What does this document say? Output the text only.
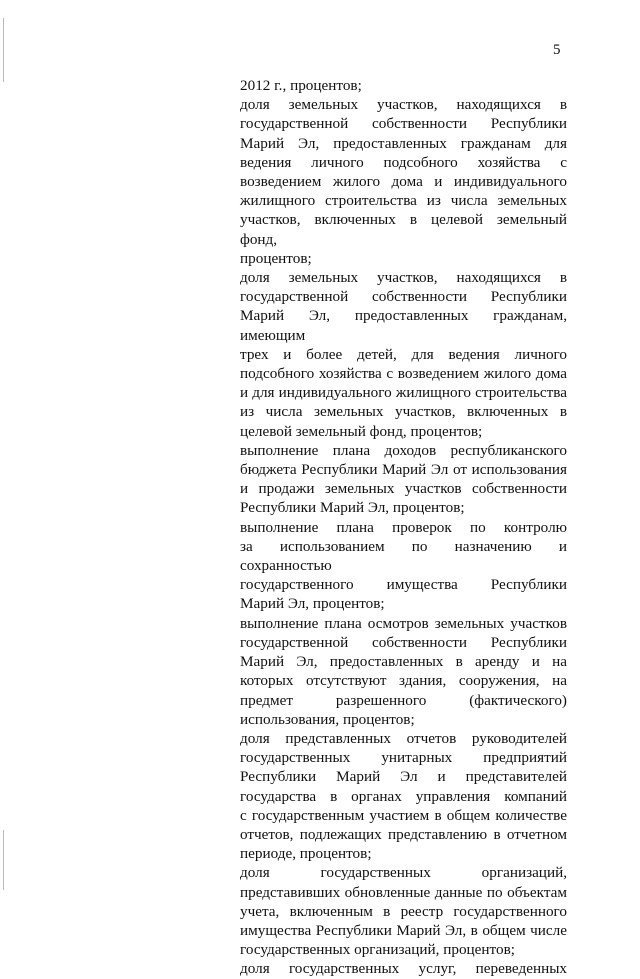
5
2012 г., процентов;
доля земельных участков, находящихся в
государственной собственности Республики
Марий Эл, предоставленных гражданам для
ведения личного подсобного хозяйства с
возведением жилого дома и индивидуального
жилищного строительства из числа земельных
участков, включенных в целевой земельный фонд,
процентов;
доля земельных участков, находящихся в
государственной собственности Республики
Марий Эл, предоставленных гражданам, имеющим
трех и более детей, для ведения личного
подсобного хозяйства с возведением жилого дома
и для индивидуального жилищного строительства
из числа земельных участков, включенных в
целевой земельный фонд, процентов;
выполнение плана доходов республиканского
бюджета Республики Марий Эл от использования
и продажи земельных участков собственности
Республики Марий Эл, процентов;
выполнение плана проверок по контролю
за использованием по назначению и сохранностью
государственного имущества Республики
Марий Эл, процентов;
выполнение плана осмотров земельных участков
государственной собственности Республики
Марий Эл, предоставленных в аренду и на
которых отсутствуют здания, сооружения, на
предмет разрешенного (фактического)
использования, процентов;
доля представленных отчетов руководителей
государственных унитарных предприятий
Республики Марий Эл и представителей
государства в органах управления компаний
с государственным участием в общем количестве
отчетов, подлежащих представлению в отчетном
периоде, процентов;
доля государственных организаций,
представивших обновленные данные по объектам
учета, включенным в реестр государственного
имущества Республики Марий Эл, в общем числе
государственных организаций, процентов;
доля государственных услуг, переведенных
